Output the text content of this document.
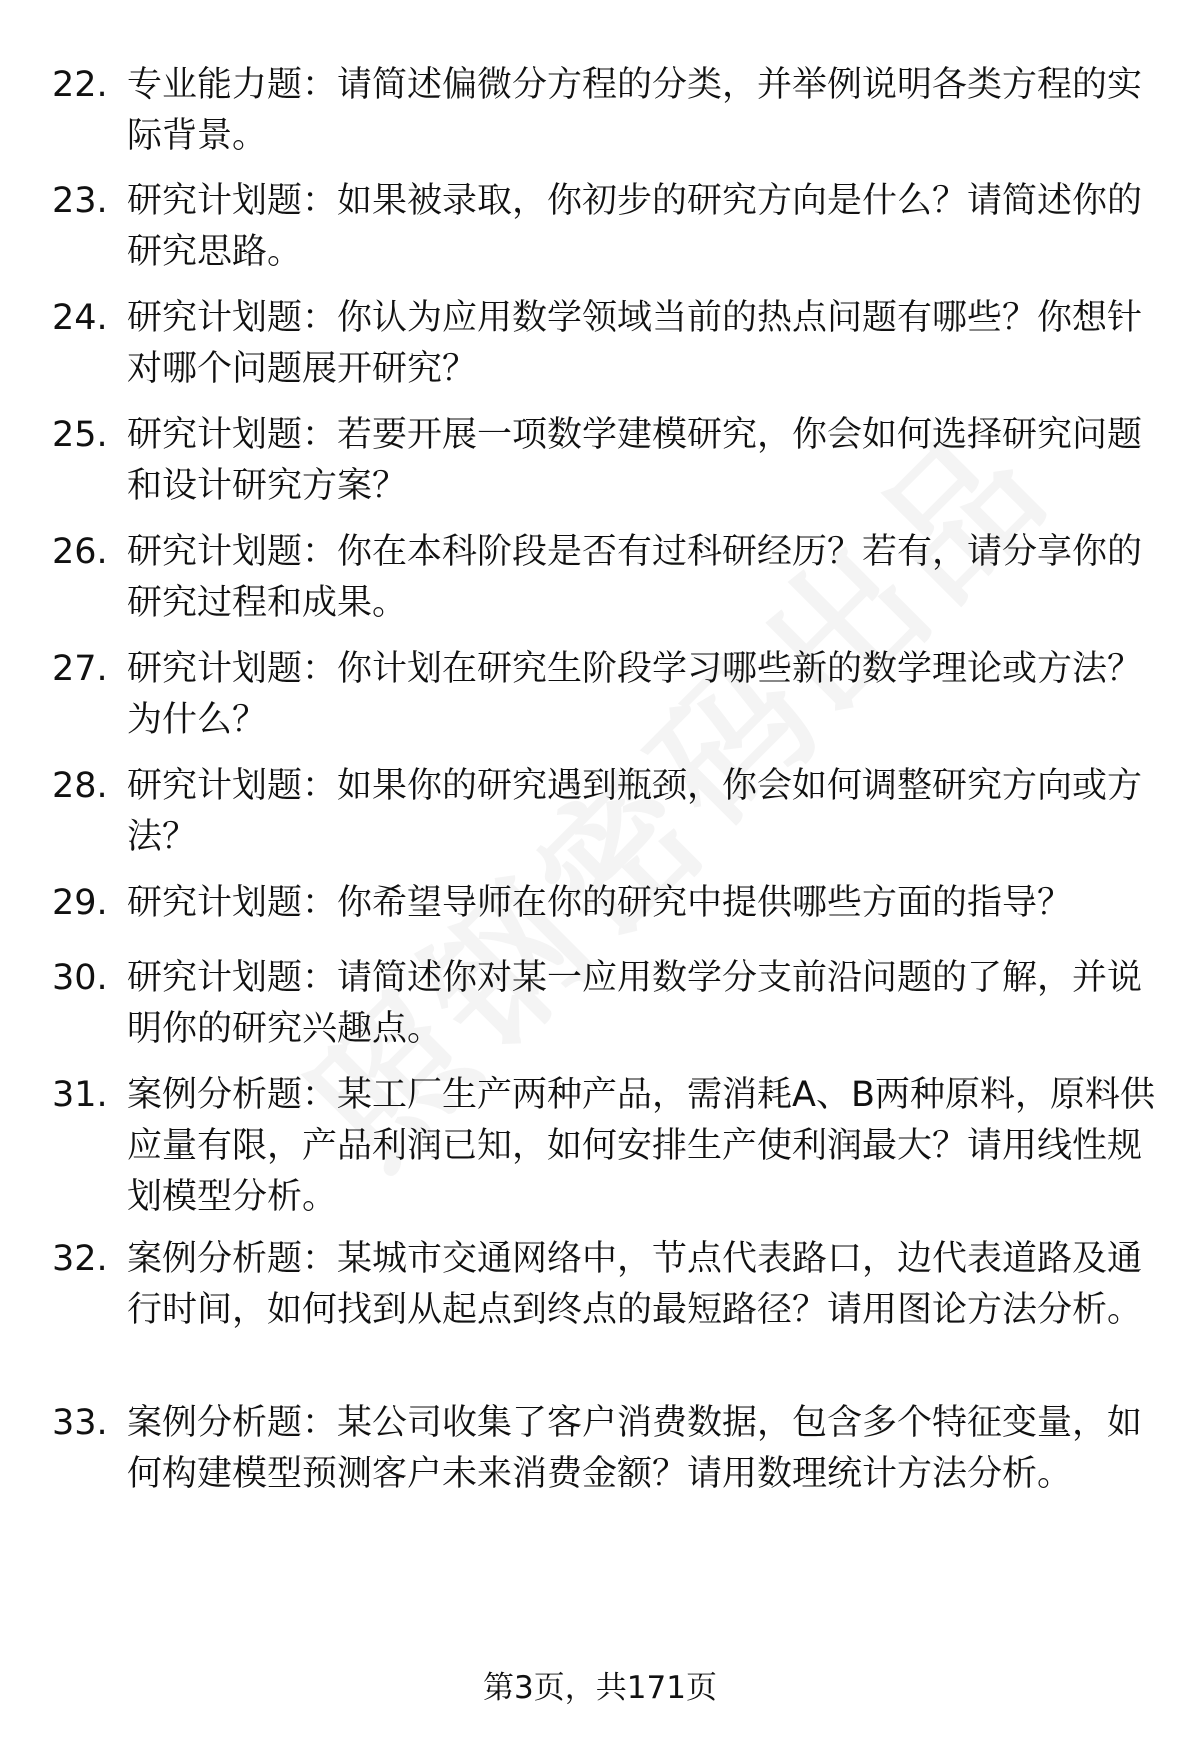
22. 专业能力题：请简述偏微分方程的分类，并举例说明各类方程的实际背景。
23. 研究计划题：如果被录取，你初步的研究方向是什么？请简述你的研究思路。
24. 研究计划题：你认为应用数学领域当前的热点问题有哪些？你想针对哪个问题展开研究？
25. 研究计划题：若要开展一项数学建模研究，你会如何选择研究问题和设计研究方案？
26. 研究计划题：你在本科阶段是否有过科研经历？若有，请分享你的研究过程和成果。
27. 研究计划题：你计划在研究生阶段学习哪些新的数学理论或方法？为什么？
28. 研究计划题：如果你的研究遇到瓶颈，你会如何调整研究方向或方法？
29. 研究计划题：你希望导师在你的研究中提供哪些方面的指导？
30. 研究计划题：请简述你对某一应用数学分支前沿问题的了解，并说明你的研究兴趣点。
31. 案例分析题：某工厂生产两种产品，需消耗A、B两种原料，原料供应量有限，产品利润已知，如何安排生产使利润最大？请用线性规划模型分析。
32. 案例分析题：某城市交通网络中，节点代表路口，边代表道路及通行时间，如何找到从起点到终点的最短路径？请用图论方法分析。
33. 案例分析题：某公司收集了客户消费数据，包含多个特征变量，如何构建模型预测客户未来消费金额？请用数理统计方法分析。
第3页，共171页
